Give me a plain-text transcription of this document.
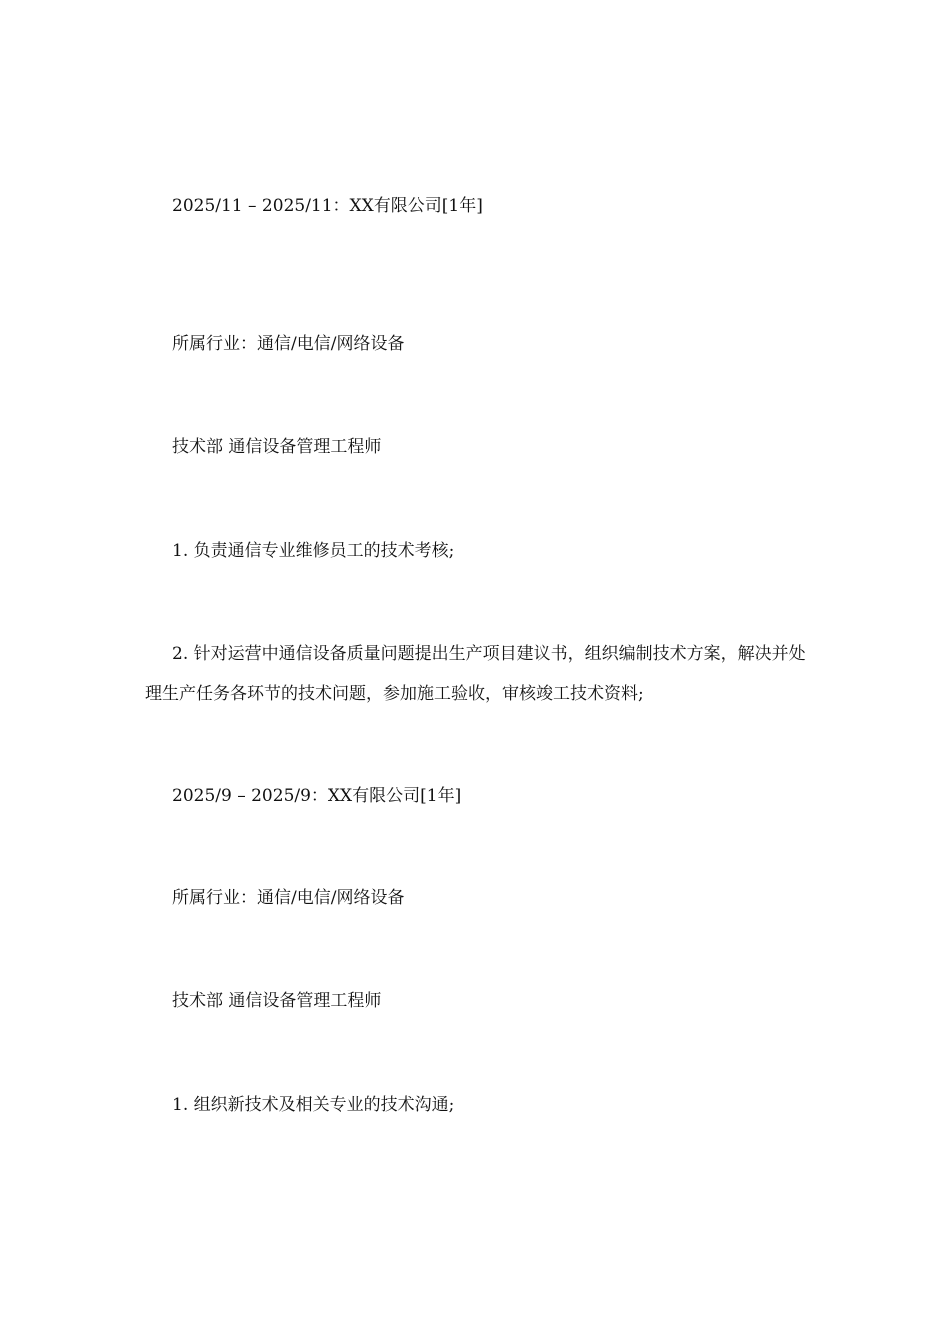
2025/11 – 2025/11：XX有限公司[1年]
所属行业：通信/电信/网络设备
技术部 通信设备管理工程师
1. 负责通信专业维修员工的技术考核;
2. 针对运营中通信设备质量问题提出生产项目建议书，组织编制技术方案，解决并处理生产任务各环节的技术问题，参加施工验收，审核竣工技术资料;
2025/9 – 2025/9：XX有限公司[1年]
所属行业：通信/电信/网络设备
技术部 通信设备管理工程师
1. 组织新技术及相关专业的技术沟通;
